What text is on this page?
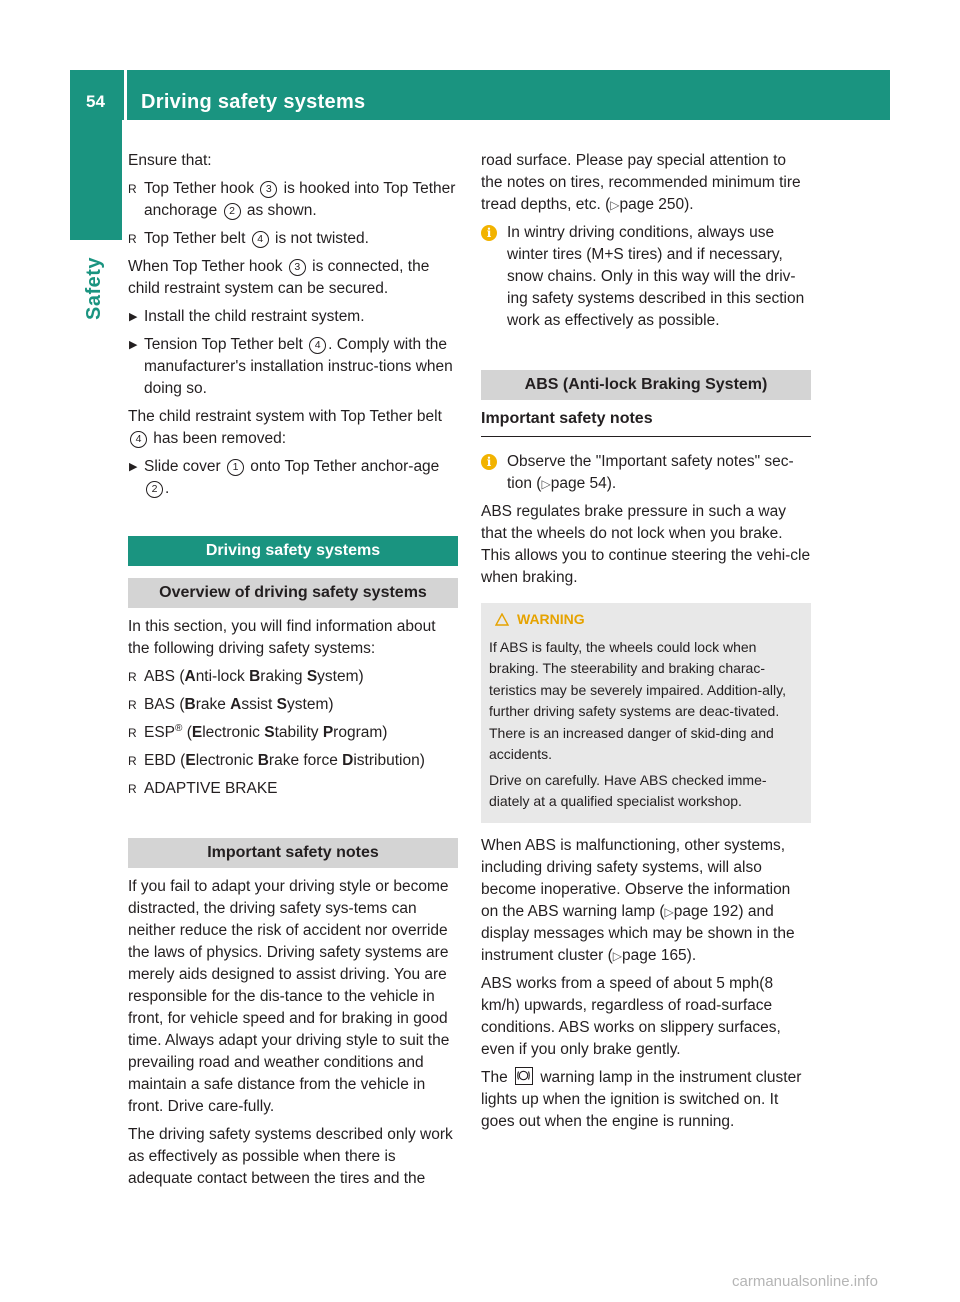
54 Driving safety systems
Safety

Ensure that:

R Top Tether hook 3 is hooked into Top Tether anchorage 2 as shown.
R Top Tether belt 4 is not twisted.

When Top Tether hook 3 is connected, the child restraint system can be secured.

▶ Install the child restraint system.
▶ Tension Top Tether belt 4 . Comply with the manufacturer's installation instruc-tions when doing so.

The child restraint system with Top Tether belt 4 has been removed:

▶ Slide cover 1 onto Top Tether anchor-age 2 .
Driving safety systems
Overview of driving safety systems

In this section, you will find information about the following driving safety systems:

R ABS (Anti-lock Braking System)
R BAS (Brake Assist System)
R ESP® (Electronic Stability Program)
R EBD (Electronic Brake force Distribution)
R ADAPTIVE BRAKE
Important safety notes

If you fail to adapt your driving style or become distracted, the driving safety sys-tems can neither reduce the risk of accident nor override the laws of physics. Driving safety systems are merely aids designed to assist driving. You are responsible for the dis-tance to the vehicle in front, for vehicle speed and for braking in good time. Always adapt your driving style to suit the prevailing road and weather conditions and maintain a safe distance from the vehicle in front. Drive care-fully.

The driving safety systems described only work as effectively as possible when there is adequate contact between the tires and the

road surface. Please pay special attention to the notes on tires, recommended minimum tire tread depths, etc. (▷page 250).

i	In wintry driving conditions, always use winter tires (M+S tires) and if necessary, snow chains. Only in this way will the driv-ing safety systems described in this section work as effectively as possible.
ABS (Anti-lock Braking System)
Important safety notes
i	Observe the "Important safety notes" sec-tion (▷page 54).

ABS regulates brake pressure in such a way that the wheels do not lock when you brake. This allows you to continue steering the vehi-cle when braking.

WARNING

If ABS is faulty, the wheels could lock when braking. The steerability and braking charac-teristics may be severely impaired. Addition-ally, further driving safety systems are deac-tivated. There is an increased danger of skid-ding and accidents.

Drive on carefully. Have ABS checked imme-diately at a qualified specialist workshop.

When ABS is malfunctioning, other systems, including driving safety systems, will also become inoperative. Observe the information on the ABS warning lamp (▷page 192) and display messages which may be shown in the instrument cluster (▷page 165).

ABS works from a speed of about 5 mph(8 km/h) upwards, regardless of road-surface conditions. ABS works on slippery surfaces, even if you only brake gently.

The
warning lamp in the instrument cluster lights up when the ignition is switched on. It goes out when the engine is running.

carmanualsonline.info
